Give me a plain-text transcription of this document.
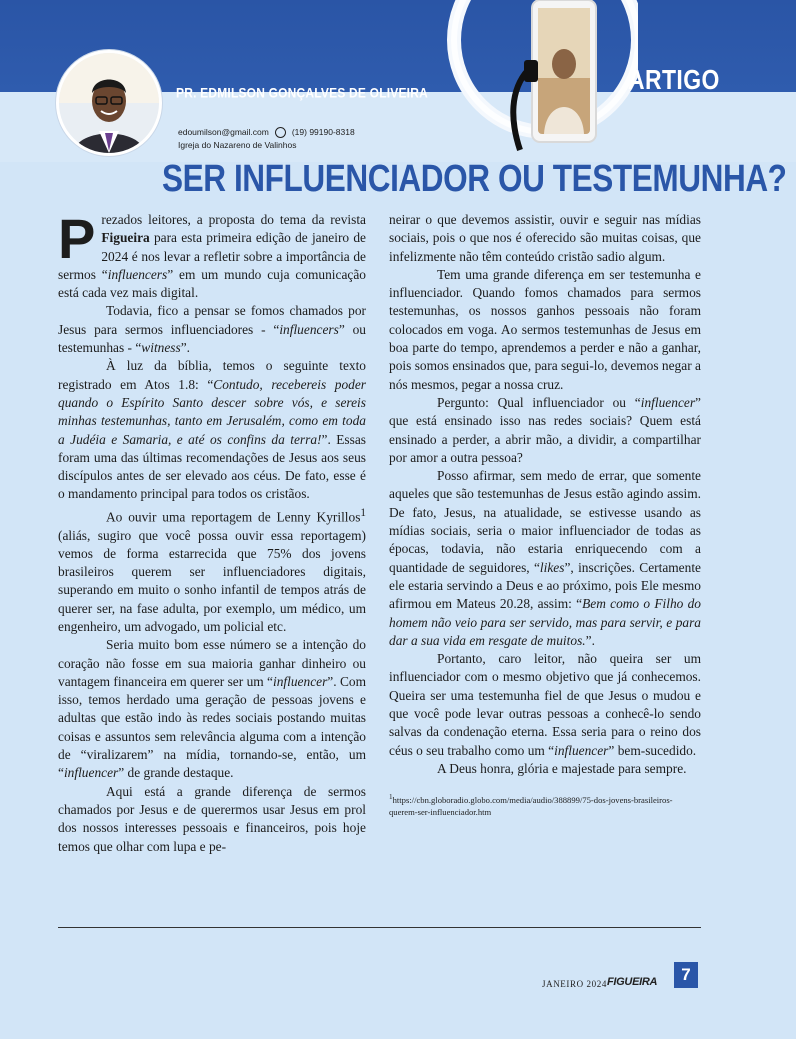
PR. EDMILSON GONÇALVES DE OLIVEIRA
edoumilson@gmail.com	(19) 99190-8318
Igreja do Nazareno de Valinhos
ARTIGO
SER INFLUENCIADOR OU TESTEMUNHA?

Prezados leitores, a proposta do tema da revista Figueira para esta primeira edição de janeiro de 2024 é nos levar a refletir sobre a importância de sermos “influencers” em um mundo cuja comunicação está cada vez mais digital.

Todavia, fico a pensar se fomos chamados por Jesus para sermos influenciadores - “influencers” ou testemunhas - “witness”.

À luz da bíblia, temos o seguinte texto registrado em Atos 1.8: “Contudo, recebereis poder quando o Espírito Santo descer sobre vós, e sereis minhas testemunhas, tanto em Jerusalém, como em toda a Judéia e Samaria, e até os confins da terra!”. Essas foram uma das últimas recomendações de Jesus aos seus discípulos antes de ser elevado aos céus. De fato, esse é o mandamento principal para todos os cristãos.

Ao ouvir uma reportagem de Lenny Kyrillos$^1$ (aliás, sugiro que você possa ouvir essa reportagem) vemos de forma estarrecida que 75% dos jovens brasileiros querem ser influenciadores digitais, superando em muito o sonho infantil de tempos atrás de querer ser, na fase adulta, por exemplo, um médico, um engenheiro, um advogado, um policial etc.

Seria muito bom esse número se a intenção do coração não fosse em sua maioria ganhar dinheiro ou vantagem financeira em querer ser um “influencer”. Com isso, temos herdado uma geração de pessoas jovens e adultas que estão indo às redes sociais postando muitas coisas e assuntos sem relevância alguma com a intenção de “viralizarem” na mídia, tornando-se, então, um “influencer” de grande destaque.

Aqui está a grande diferença de sermos chamados por Jesus e de querermos usar Jesus em prol dos nossos interesses pessoais e financeiros, pois hoje temos que olhar com lupa e pe-

neirar o que devemos assistir, ouvir e seguir nas mídias sociais, pois o que nos é oferecido são muitas coisas, que infelizmente não têm conteúdo cristão sadio algum.

Tem uma grande diferença em ser testemunha e influenciador. Quando fomos chamados para sermos testemunhas, os nossos ganhos pessoais não foram colocados em voga. Ao sermos testemunhas de Jesus em boa parte do tempo, aprendemos a perder e não a ganhar, pois somos ensinados que, para segui-lo, devemos negar a nós mesmos, pegar a nossa cruz.

Pergunto: Qual influenciador ou “influencer” que está ensinado isso nas redes sociais? Quem está ensinado a perder, a abrir mão, a dividir, a compartilhar por amor a outra pessoa?

Posso afirmar, sem medo de errar, que somente aqueles que são testemunhas de Jesus estão agindo assim. De fato, Jesus, na atualidade, se estivesse usando as mídias sociais, seria o maior influenciador de todas as épocas, todavia, não estaria enriquecendo com a quantidade de seguidores, “likes”, inscrições. Certamente ele estaria servindo a Deus e ao próximo, pois Ele mesmo afirmou em Mateus 20.28, assim: “Bem como o Filho do homem não veio para ser servido, mas para servir, e para dar a sua vida em resgate de muitos.”.

Portanto, caro leitor, não queira ser um influenciador com o mesmo objetivo que já conhecemos. Queira ser uma testemunha fiel de que Jesus o mudou e que você pode levar outras pessoas a conhecê-lo sendo salvas da condenação eterna. Essa seria para o reino dos céus o seu trabalho como um “influencer” bem-sucedido.

A Deus honra, glória e majestade para sempre.

$^1$https://cbn.globoradio.globo.com/media/audio/388899/75-dos-jovens-brasileiros-querem-ser-influenciador.htm
JANEIRO 2024 FIGUEIRA	7
